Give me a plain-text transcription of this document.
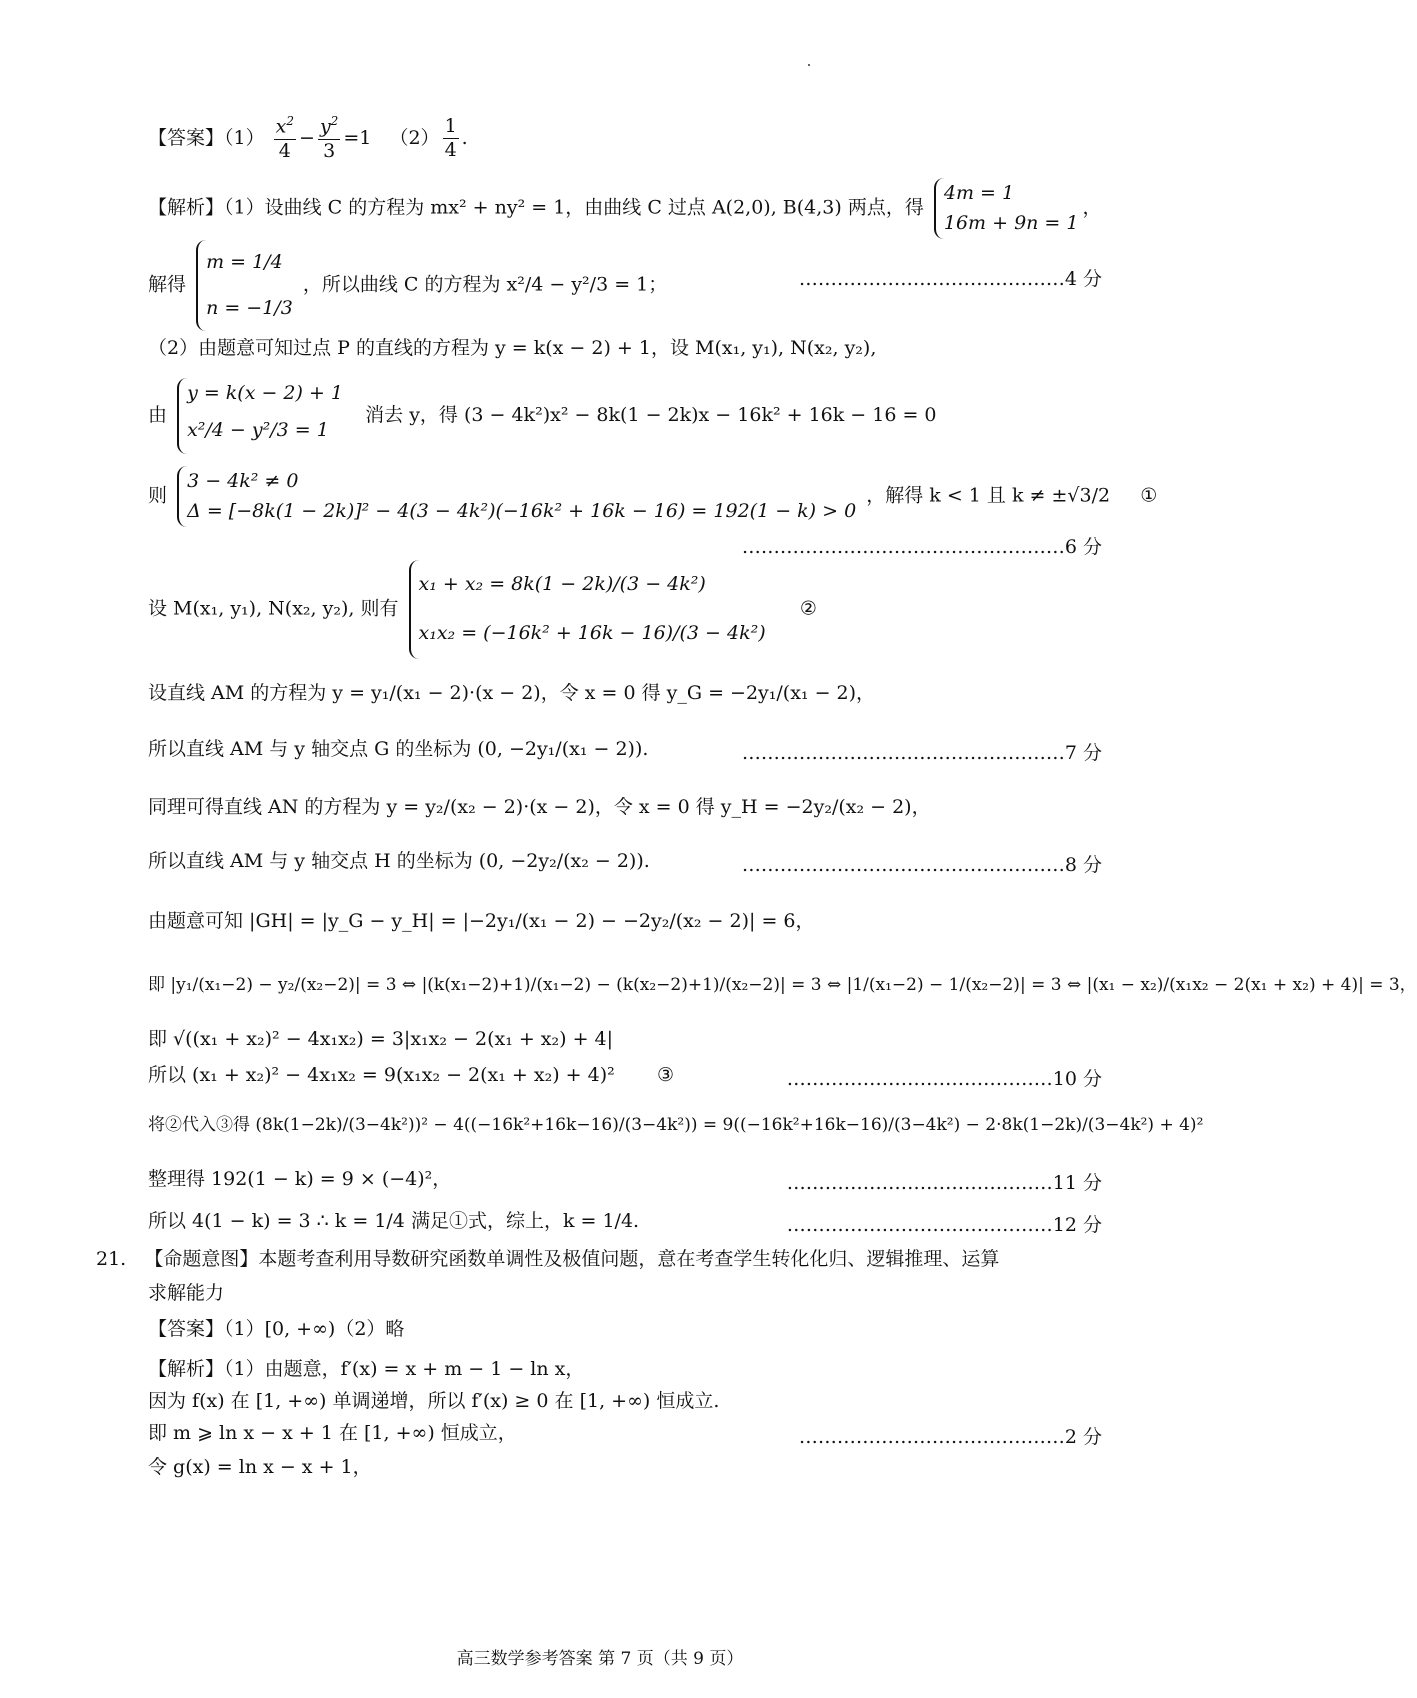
【答案】$(1) \frac{x^2}{4} - \frac{y^2}{3} =1$   $(2) \frac{1}{4}$ .
【解析】（1）设曲线 C 的方程为 mx² + ny² = 1，由曲线 C 过点 A(2,0), B(4,3) 两点，得
4m = 1
16m + 9n = 1
，
解得
m = 1/4
n = −1/3
，所以曲线 C 的方程为 x²/4 − y²/3 = 1；	……………………………………4 分
（2）由题意可知过点 P 的直线的方程为 y = k(x − 2) + 1，设 M(x₁, y₁), N(x₂, y₂),
由
y = k(x − 2) + 1
x²/4 − y²/3 = 1
消去 y，得 (3 − 4k²)x² − 8k(1 − 2k)x − 16k² + 16k − 16 = 0
则
3 − 4k² ≠ 0
Δ = [−8k(1 − 2k)]² − 4(3 − 4k²)(−16k² + 16k − 16) = 192(1 − k) > 0
，解得 k < 1 且 k ≠ ±√3/2 ①
……………………………………………6 分
设 M(x₁, y₁), N(x₂, y₂), 则有
x₁ + x₂ = 8k(1 − 2k)/(3 − 4k²)
x₁x₂ = (−16k² + 16k − 16)/(3 − 4k²)
②
设直线 AM 的方程为 y = y₁/(x₁ − 2)·(x − 2)，令 x = 0 得 y_G = −2y₁/(x₁ − 2)，
所以直线 AM 与 y 轴交点 G 的坐标为 (0, −2y₁/(x₁ − 2)).	……………………………………………7 分
同理可得直线 AN 的方程为 y = y₂/(x₂ − 2)·(x − 2)，令 x = 0 得 y_H = −2y₂/(x₂ − 2)，
所以直线 AM 与 y 轴交点 H 的坐标为 (0, −2y₂/(x₂ − 2)).	……………………………………………8 分
由题意可知 |GH| = |y_G − y_H| = |−2y₁/(x₁ − 2) − −2y₂/(x₂ − 2)| = 6，
即 |y₁/(x₁−2) − y₂/(x₂−2)| = 3 ⇔ |(k(x₁−2)+1)/(x₁−2) − (k(x₂−2)+1)/(x₂−2)| = 3 ⇔ |1/(x₁−2) − 1/(x₂−2)| = 3 ⇔ |(x₁ − x₂)/(x₁x₂ − 2(x₁ + x₂) + 4)| = 3，
即 √((x₁ + x₂)² − 4x₁x₂) = 3|x₁x₂ − 2(x₁ + x₂) + 4|
所以 (x₁ + x₂)² − 4x₁x₂ = 9(x₁x₂ − 2(x₁ + x₂) + 4)² ③	……………………………………10 分
将②代入③得 (8k(1−2k)/(3−4k²))² − 4((−16k²+16k−16)/(3−4k²)) = 9((−16k²+16k−16)/(3−4k²) − 2·8k(1−2k)/(3−4k²) + 4)²
整理得 192(1 − k) = 9 × (−4)²，	……………………………………11 分
所以 4(1 − k) = 3 ∴ k = 1/4 满足①式，综上，k = 1/4.	……………………………………12 分
21. 【命题意图】本题考查利用导数研究函数单调性及极值问题，意在考查学生转化化归、逻辑推理、运算
求解能力
【答案】（1）[0, +∞)（2）略
【解析】（1）由题意，f′(x) = x + m − 1 − ln x，
因为 f(x) 在 [1, +∞) 单调递增，所以 f′(x) ≥ 0 在 [1, +∞) 恒成立.
即 m ⩾ ln x − x + 1 在 [1, +∞) 恒成立，	……………………………………2 分
令 g(x) = ln x − x + 1，
高三数学参考答案 第 7 页（共 9 页）
